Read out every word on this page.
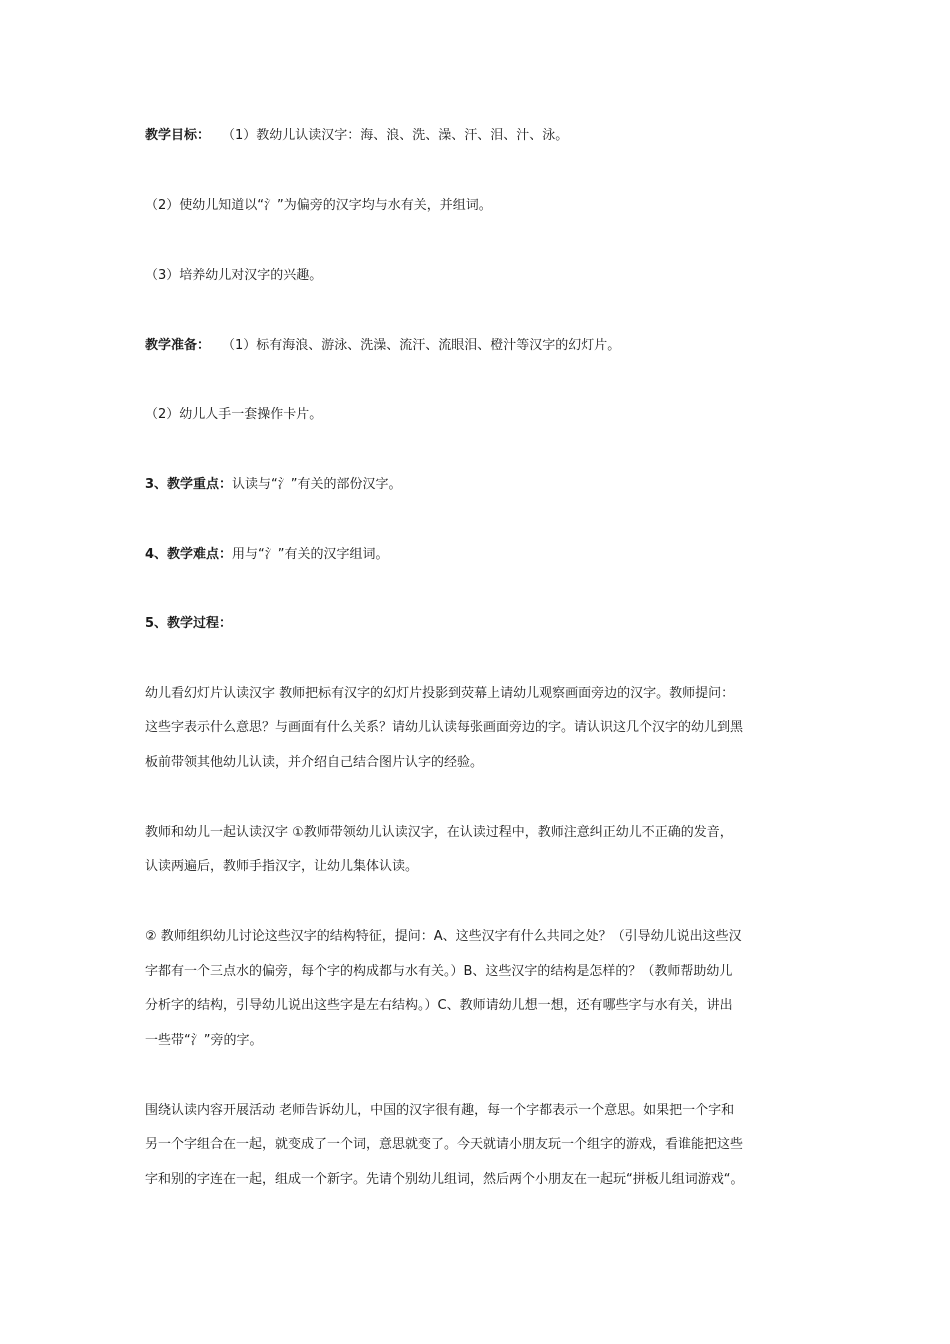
教学目标： （1）教幼儿认读汉字：海、浪、洗、澡、汗、泪、汁、泳。
（2）使幼儿知道以“氵”为偏旁的汉字均与水有关，并组词。
（3）培养幼儿对汉字的兴趣。
教学准备： （1）标有海浪、游泳、洗澡、流汗、流眼泪、橙汁等汉字的幻灯片。
（2）幼儿人手一套操作卡片。
3、教学重点：认读与“氵”有关的部份汉字。
4、教学难点：用与“氵”有关的汉字组词。
5、教学过程：
幼儿看幻灯片认读汉字 教师把标有汉字的幻灯片投影到荧幕上请幼儿观察画面旁边的汉字。教师提问：
这些字表示什么意思？与画面有什么关系？请幼儿认读每张画面旁边的字。请认识这几个汉字的幼儿到黑
板前带领其他幼儿认读，并介绍自己结合图片认字的经验。
教师和幼儿一起认读汉字 ①教师带领幼儿认读汉字，在认读过程中，教师注意纠正幼儿不正确的发音，
认读两遍后，教师手指汉字，让幼儿集体认读。
② 教师组织幼儿讨论这些汉字的结构特征，提问：A、这些汉字有什么共同之处？（引导幼儿说出这些汉
字都有一个三点水的偏旁，每个字的构成都与水有关。）B、这些汉字的结构是怎样的？（教师帮助幼儿
分析字的结构，引导幼儿说出这些字是左右结构。）C、教师请幼儿想一想，还有哪些字与水有关，讲出
一些带“氵”旁的字。
围绕认读内容开展活动 老师告诉幼儿，中国的汉字很有趣，每一个字都表示一个意思。如果把一个字和
另一个字组合在一起，就变成了一个词，意思就变了。今天就请小朋友玩一个组字的游戏，看谁能把这些
字和别的字连在一起，组成一个新字。先请个别幼儿组词，然后两个小朋友在一起玩“拼板儿组词游戏“。
